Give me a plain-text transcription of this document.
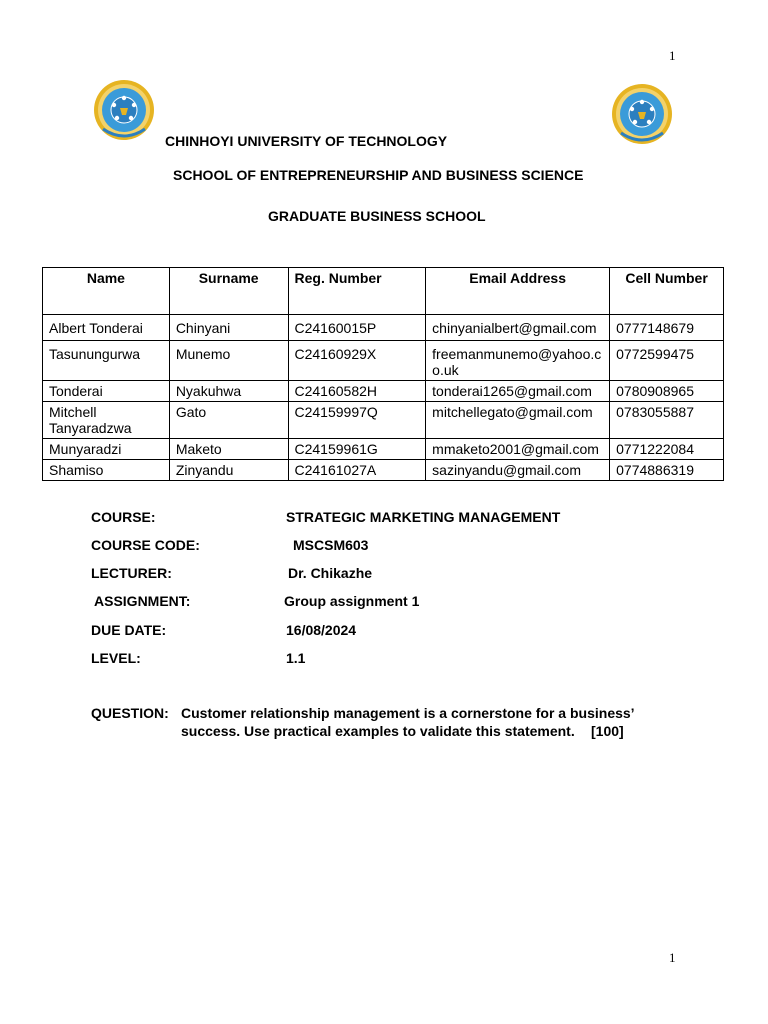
1
CHINHOYI UNIVERSITY OF TECHNOLOGY
SCHOOL OF ENTREPRENEURSHIP AND BUSINESS SCIENCE
GRADUATE BUSINESS SCHOOL
Name	Surname	Reg. Number	Email Address	Cell Number
Albert Tonderai	Chinyani	C24160015P	chinyanialbert@gmail.com	0777148679
Tasunungurwa	Munemo	C24160929X	freemanmunemo@yahoo.c o.uk	0772599475
Tonderai	Nyakuhwa	C24160582H	tonderai1265@gmail.com	0780908965
Mitchell Tanyaradzwa	Gato	C24159997Q	mitchellegato@gmail.com	0783055887
Munyaradzi	Maketo	C24159961G	mmaketo2001@gmail.com	0771222084
Shamiso	Zinyandu	C24161027A	sazinyandu@gmail.com	0774886319
COURSE:	STRATEGIC MARKETING MANAGEMENT
COURSE CODE:	MSCSM603
LECTURER:	Dr. Chikazhe
ASSIGNMENT:	Group assignment 1
DUE DATE:	16/08/2024
LEVEL:	1.1
QUESTION: Customer relationship management is a cornerstone for a business’
success. Use practical examples to validate this statement. [100]
1
